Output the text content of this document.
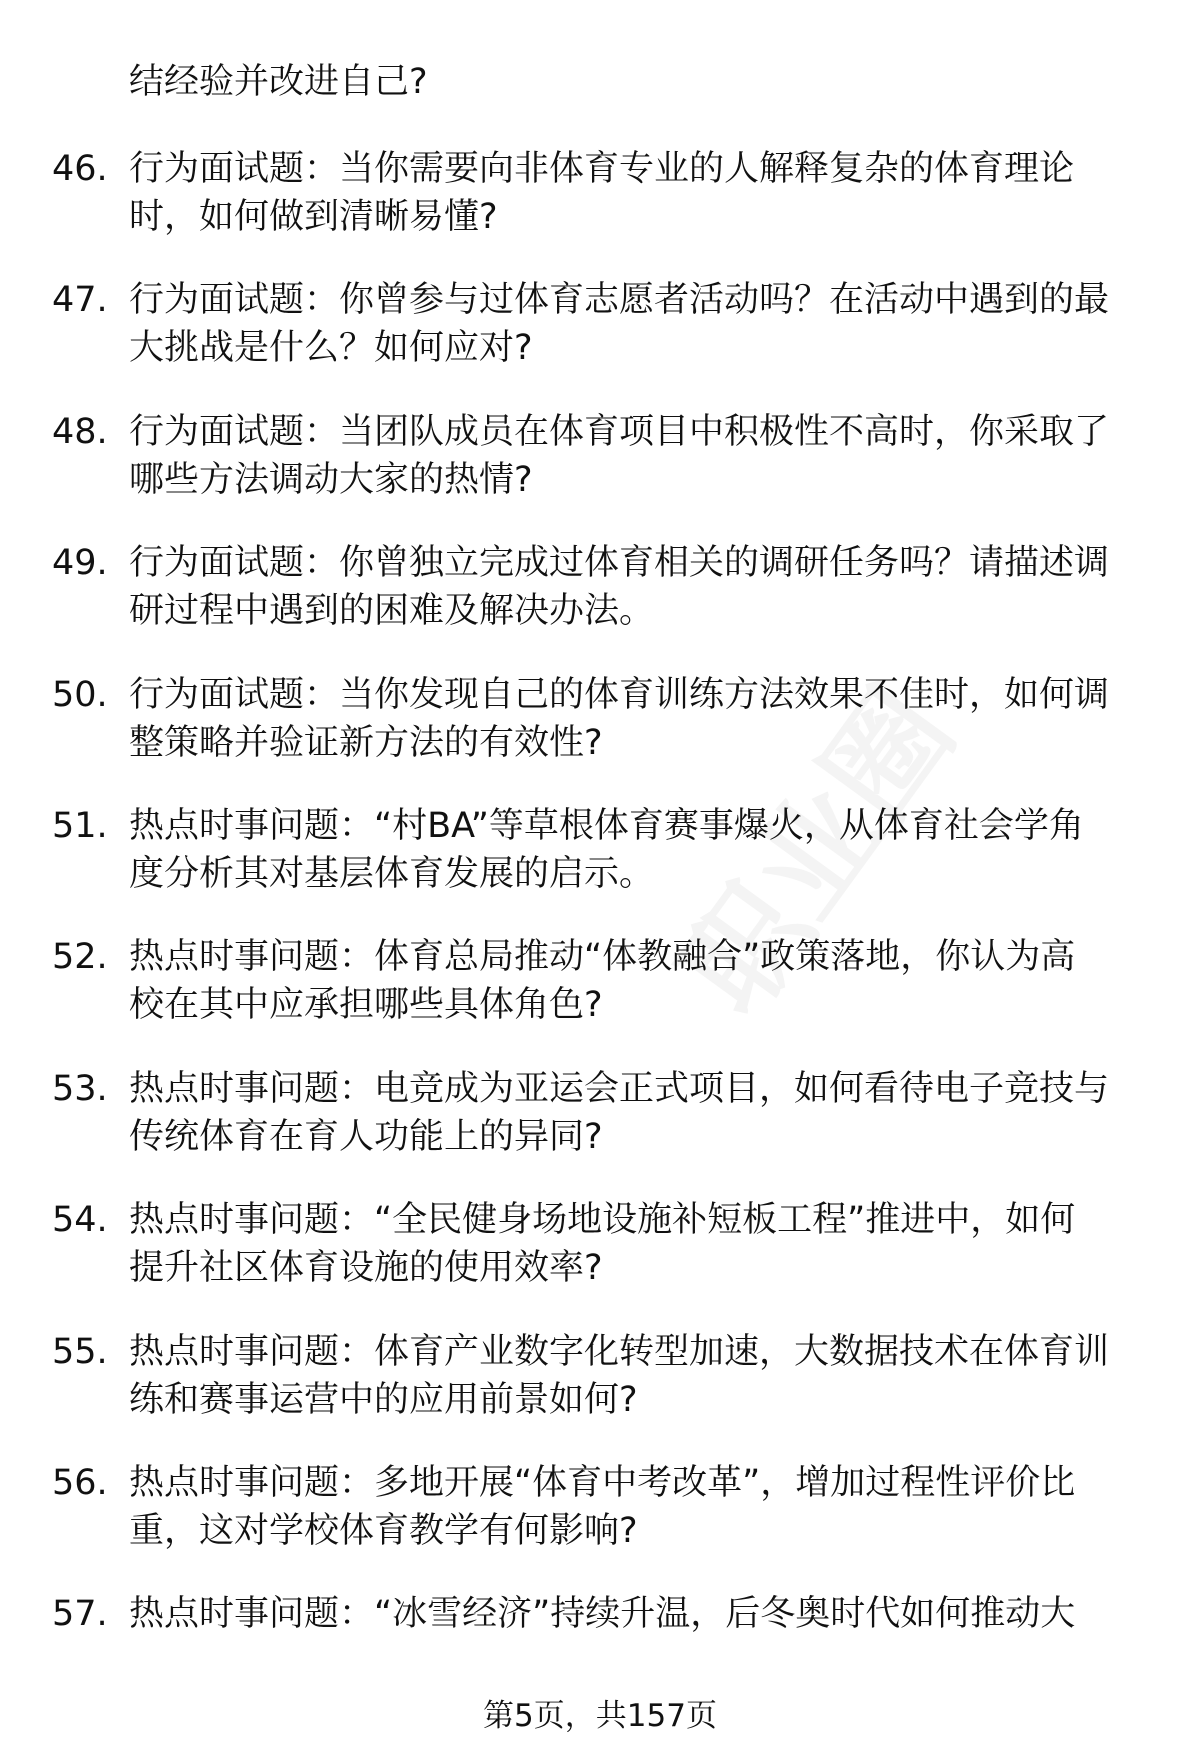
结经验并改进自己?
46. 行为面试题：当你需要向非体育专业的人解释复杂的体育理论
时，如何做到清晰易懂?
47. 行为面试题：你曾参与过体育志愿者活动吗？在活动中遇到的最
大挑战是什么？如何应对?
48. 行为面试题：当团队成员在体育项目中积极性不高时，你采取了
哪些方法调动大家的热情?
49. 行为面试题：你曾独立完成过体育相关的调研任务吗？请描述调
研过程中遇到的困难及解决办法。
50. 行为面试题：当你发现自己的体育训练方法效果不佳时，如何调
整策略并验证新方法的有效性?
51. 热点时事问题：“村BA”等草根体育赛事爆火，从体育社会学角
度分析其对基层体育发展的启示。
52. 热点时事问题：体育总局推动“体教融合”政策落地，你认为高
校在其中应承担哪些具体角色?
53. 热点时事问题：电竞成为亚运会正式项目，如何看待电子竞技与
传统体育在育人功能上的异同?
54. 热点时事问题：“全民健身场地设施补短板工程”推进中，如何
提升社区体育设施的使用效率?
55. 热点时事问题：体育产业数字化转型加速，大数据技术在体育训
练和赛事运营中的应用前景如何?
56. 热点时事问题：多地开展“体育中考改革”，增加过程性评价比
重，这对学校体育教学有何影响?
57. 热点时事问题：“冰雪经济”持续升温，后冬奥时代如何推动大
第5页，共157页
